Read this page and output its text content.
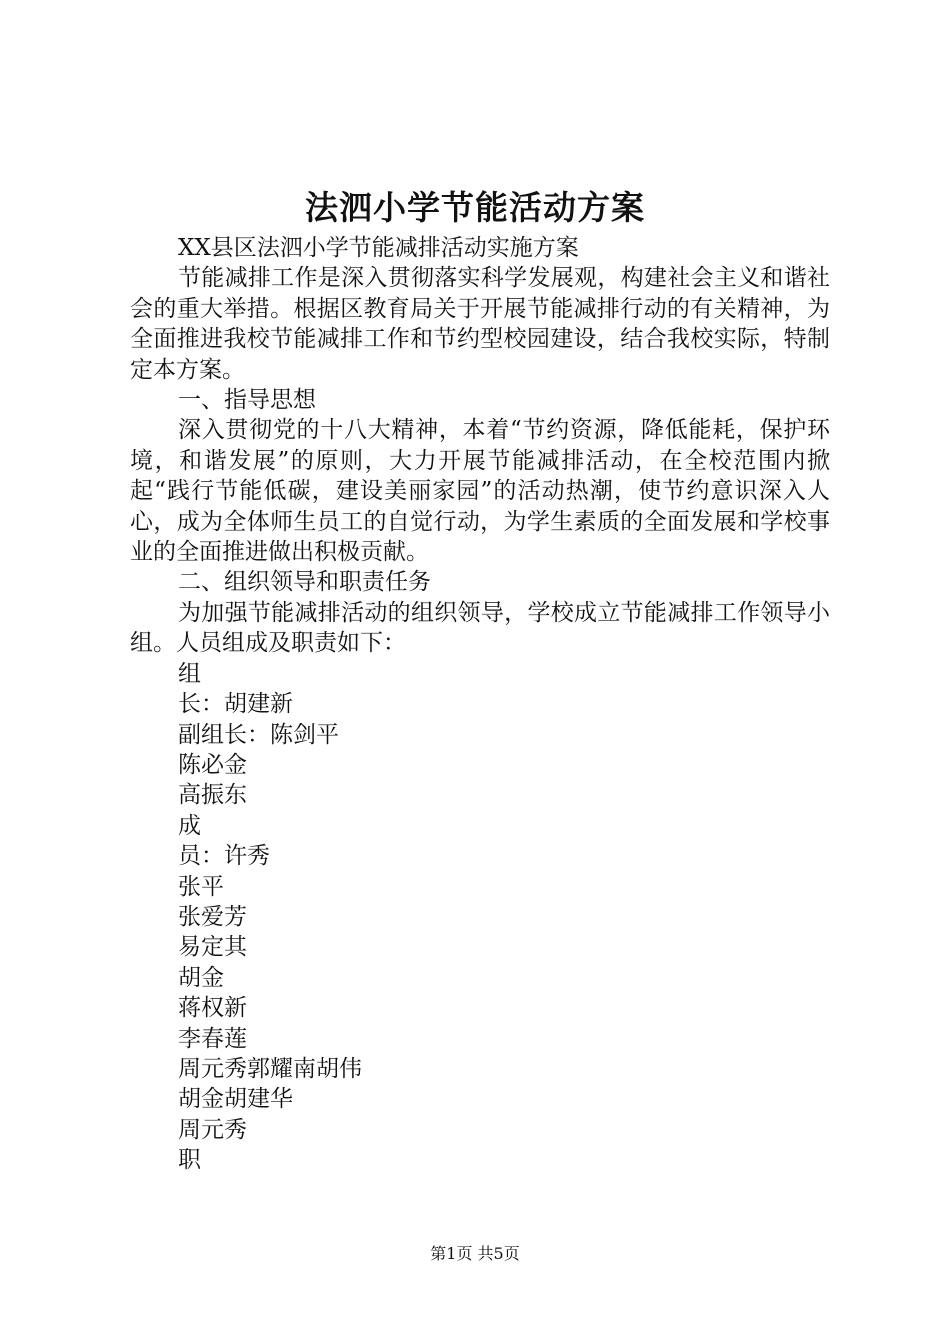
法泗小学节能活动方案

XX县区法泗小学节能减排活动实施方案

节能减排工作是深入贯彻落实科学发展观，构建社会主义和谐社会的重大举措。根据区教育局关于开展节能减排行动的有关精神，为全面推进我校节能减排工作和节约型校园建设，结合我校实际，特制定本方案。

一、指导思想

深入贯彻党的十八大精神，本着“节约资源，降低能耗，保护环境，和谐发展”的原则，大力开展节能减排活动，在全校范围内掀起“践行节能低碳，建设美丽家园”的活动热潮，使节约意识深入人心，成为全体师生员工的自觉行动，为学生素质的全面发展和学校事业的全面推进做出积极贡献。

二、组织领导和职责任务

为加强节能减排活动的组织领导，学校成立节能减排工作领导小组。人员组成及职责如下：

组

长：胡建新

副组长：陈剑平

陈必金

高振东

成

员：许秀

张平

张爱芳

易定其

胡金

蒋权新

李春莲

周元秀郭耀南胡伟

胡金胡建华

周元秀

职

第1页 共5页
